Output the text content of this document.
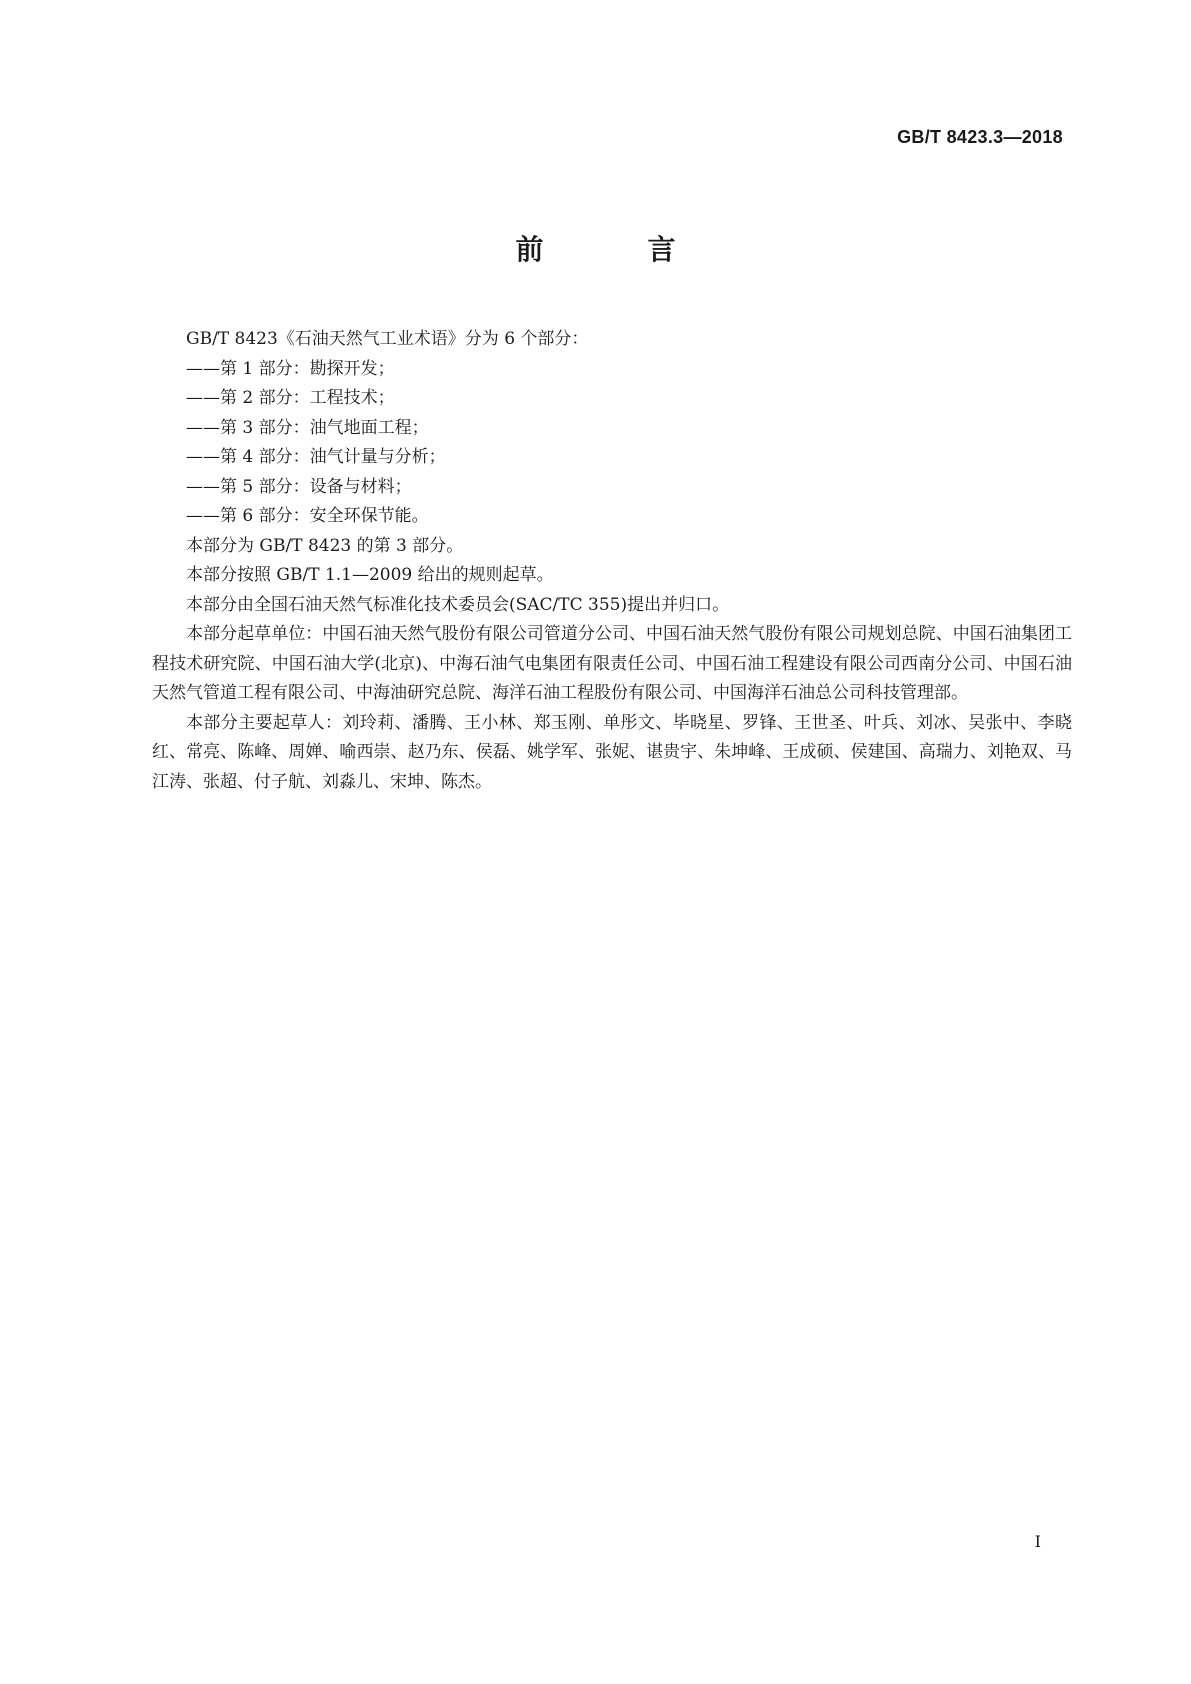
GB/T 8423.3—2018
前　言

GB/T 8423《石油天然气工业术语》分为 6 个部分：

——第 1 部分：勘探开发；

——第 2 部分：工程技术；

——第 3 部分：油气地面工程；

——第 4 部分：油气计量与分析；

——第 5 部分：设备与材料；

——第 6 部分：安全环保节能。

本部分为 GB/T 8423 的第 3 部分。

本部分按照 GB/T 1.1—2009 给出的规则起草。

本部分由全国石油天然气标准化技术委员会(SAC/TC 355)提出并归口。

本部分起草单位：中国石油天然气股份有限公司管道分公司、中国石油天然气股份有限公司规划总院、中国石油集团工程技术研究院、中国石油大学(北京)、中海石油气电集团有限责任公司、中国石油工程建设有限公司西南分公司、中国石油天然气管道工程有限公司、中海油研究总院、海洋石油工程股份有限公司、中国海洋石油总公司科技管理部。

本部分主要起草人：刘玲莉、潘腾、王小林、郑玉刚、单彤文、毕晓星、罗锋、王世圣、叶兵、刘冰、吴张中、李晓红、常亮、陈峰、周婵、喻西崇、赵乃东、侯磊、姚学军、张妮、谌贵宇、朱坤峰、王成硕、侯建国、高瑞力、刘艳双、马江涛、张超、付子航、刘淼儿、宋坤、陈杰。

I
